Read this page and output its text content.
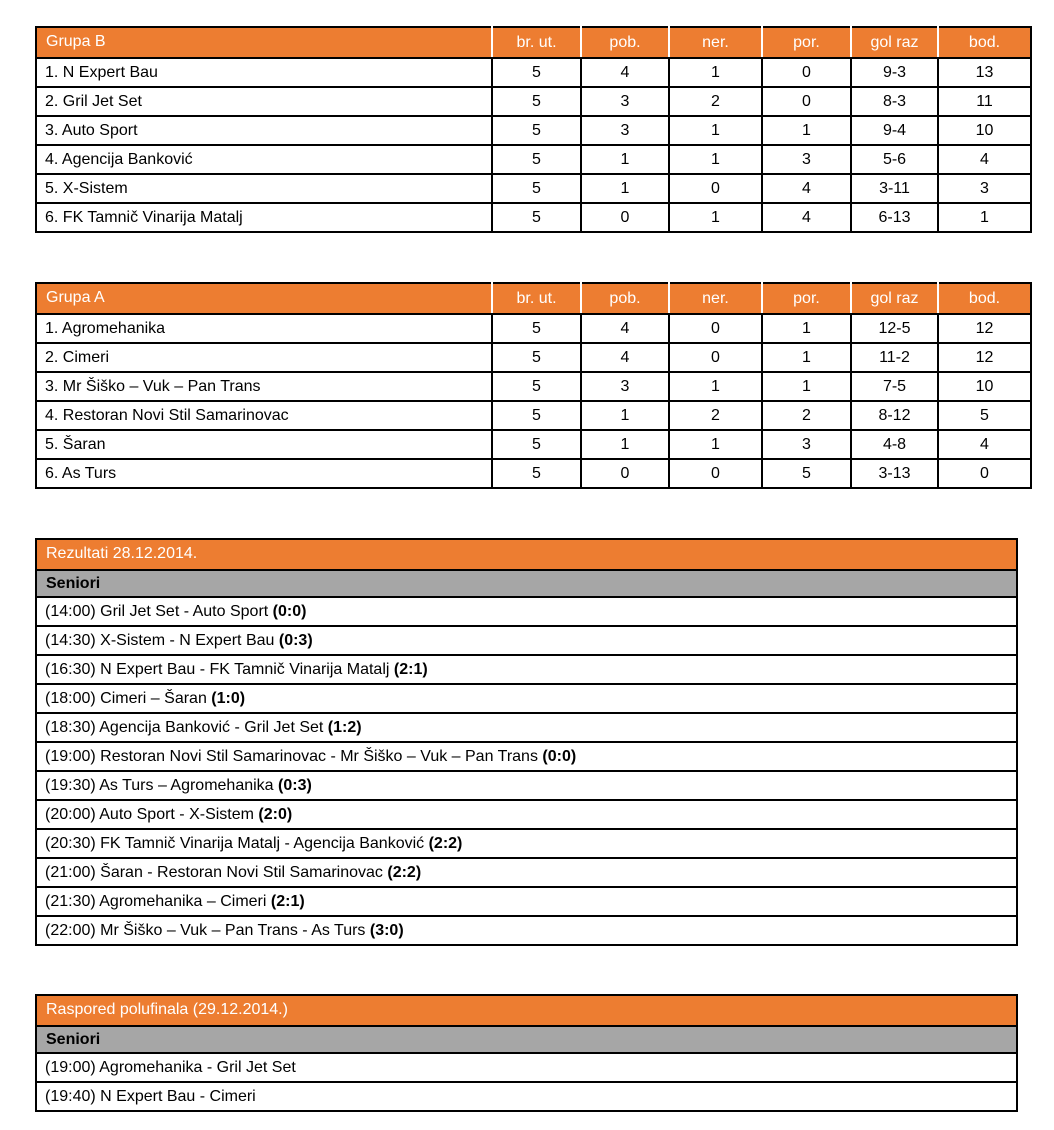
Grupa B	br. ut.	pob.	ner.	por.	gol raz	bod.
1. N Expert Bau	5	4	1	0	9-3	13
2. Gril Jet Set	5	3	2	0	8-3	11
3. Auto Sport	5	3	1	1	9-4	10
4. Agencija Banković	5	1	1	3	5-6	4
5. X-Sistem	5	1	0	4	3-11	3
6. FK Tamnič Vinarija Matalj	5	0	1	4	6-13	1
Grupa A	br. ut.	pob.	ner.	por.	gol raz	bod.
1. Agromehanika	5	4	0	1	12-5	12
2. Cimeri	5	4	0	1	11-2	12
3. Mr Šiško – Vuk – Pan Trans	5	3	1	1	7-5	10
4. Restoran Novi Stil Samarinovac	5	1	2	2	8-12	5
5. Šaran	5	1	1	3	4-8	4
6. As Turs	5	0	0	5	3-13	0
Rezultati 28.12.2014.
Seniori
(14:00) Gril Jet Set - Auto Sport (0:0)
(14:30) X-Sistem - N Expert Bau (0:3)
(16:30) N Expert Bau - FK Tamnič Vinarija Matalj (2:1)
(18:00) Cimeri – Šaran (1:0)
(18:30) Agencija Banković - Gril Jet Set (1:2)
(19:00) Restoran Novi Stil Samarinovac - Mr Šiško – Vuk – Pan Trans (0:0)
(19:30) As Turs – Agromehanika (0:3)
(20:00) Auto Sport - X-Sistem (2:0)
(20:30) FK Tamnič Vinarija Matalj - Agencija Banković (2:2)
(21:00) Šaran - Restoran Novi Stil Samarinovac (2:2)
(21:30) Agromehanika – Cimeri (2:1)
(22:00) Mr Šiško – Vuk – Pan Trans - As Turs (3:0)
Raspored polufinala (29.12.2014.)
Seniori
(19:00) Agromehanika - Gril Jet Set
(19:40) N Expert Bau - Cimeri
